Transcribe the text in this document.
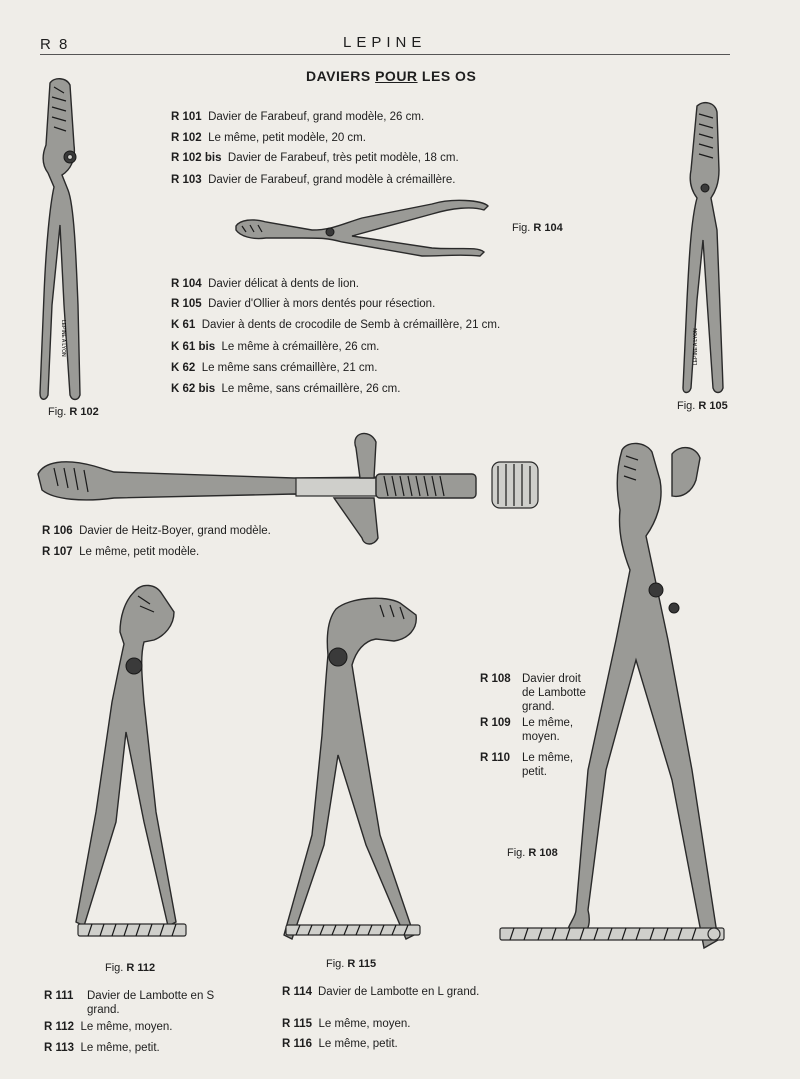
R 8	LEPINE
DAVIERS POUR LES OS
R 101 Davier de Farabeuf, grand modèle, 26 cm.
R 102 Le même, petit modèle, 20 cm.
R 102 bis Davier de Farabeuf, très petit modèle, 18 cm.
R 103 Davier de Farabeuf, grand modèle à crémaillère.
R 104 Davier délicat à dents de lion.
R 105 Davier d'Ollier à mors dentés pour résection.
K 61 Davier à dents de crocodile de Semb à crémaillère, 21 cm.
K 61 bis Le même à crémaillère, 26 cm.
K 62 Le même sans crémaillère, 21 cm.
K 62 bis Le même, sans crémaillère, 26 cm.
R 106 Davier de Heitz-Boyer, grand modèle.
R 107 Le même, petit modèle.
R 108 Davier droit de Lambotte grand.
R 109 Le même, moyen.
R 110	Le même, petit.
R 111	Davier de Lambotte en S grand.
R 112 Le même, moyen.
R 113 Le même, petit.
R 114 Davier de Lambotte en L grand.
R 115 Le même, moyen.
R 116 Le même, petit.
Fig. R 102
Fig. R 104
Fig. R 105
Fig. R 108
Fig. R 112	Fig. R 115
LEPINE A LYON	LEPINE A LYON
